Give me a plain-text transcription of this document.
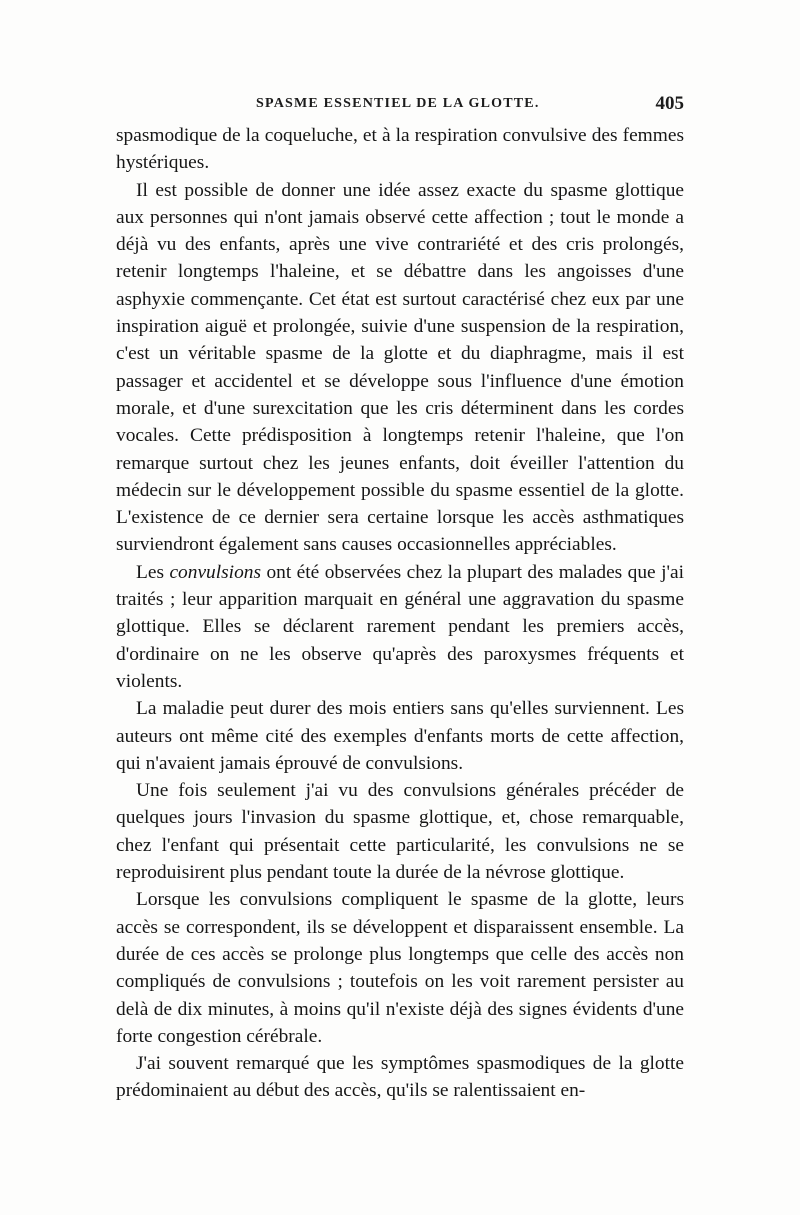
SPASME ESSENTIEL DE LA GLOTTE.	405

spasmodique de la coqueluche, et à la respiration convulsive des femmes hystériques.

Il est possible de donner une idée assez exacte du spasme glottique aux personnes qui n'ont jamais observé cette affection ; tout le monde a déjà vu des enfants, après une vive contrariété et des cris prolongés, retenir longtemps l'haleine, et se débattre dans les angoisses d'une asphyxie commençante. Cet état est surtout caractérisé chez eux par une inspiration aiguë et prolongée, suivie d'une suspension de la respiration, c'est un véritable spasme de la glotte et du diaphragme, mais il est passager et accidentel et se développe sous l'influence d'une émotion morale, et d'une surexcitation que les cris déterminent dans les cordes vocales. Cette prédisposition à longtemps retenir l'haleine, que l'on remarque surtout chez les jeunes enfants, doit éveiller l'attention du médecin sur le développement possible du spasme essentiel de la glotte. L'existence de ce dernier sera certaine lorsque les accès asthmatiques surviendront également sans causes occasionnelles appréciables.

Les convulsions ont été observées chez la plupart des malades que j'ai traités ; leur apparition marquait en général une aggravation du spasme glottique. Elles se déclarent rarement pendant les premiers accès, d'ordinaire on ne les observe qu'après des paroxysmes fréquents et violents.

La maladie peut durer des mois entiers sans qu'elles surviennent. Les auteurs ont même cité des exemples d'enfants morts de cette affection, qui n'avaient jamais éprouvé de convulsions.

Une fois seulement j'ai vu des convulsions générales précéder de quelques jours l'invasion du spasme glottique, et, chose remarquable, chez l'enfant qui présentait cette particularité, les convulsions ne se reproduisirent plus pendant toute la durée de la névrose glottique.

Lorsque les convulsions compliquent le spasme de la glotte, leurs accès se correspondent, ils se développent et disparaissent ensemble. La durée de ces accès se prolonge plus longtemps que celle des accès non compliqués de convulsions ; toutefois on les voit rarement persister au delà de dix minutes, à moins qu'il n'existe déjà des signes évidents d'une forte congestion cérébrale.

J'ai souvent remarqué que les symptômes spasmodiques de la glotte prédominaient au début des accès, qu'ils se ralentissaient en-
